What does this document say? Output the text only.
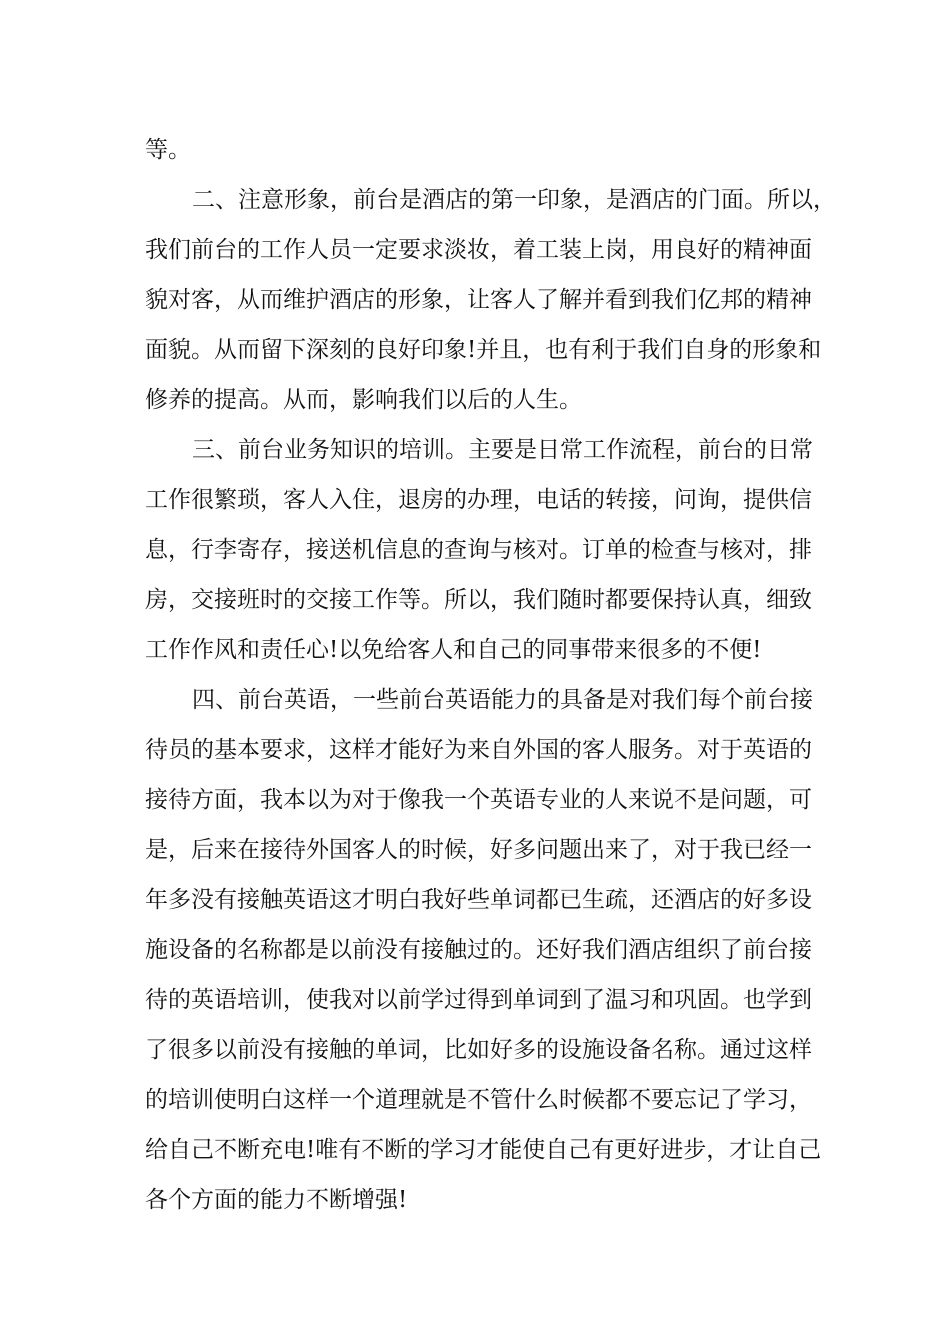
等。
二、注意形象，前台是酒店的第一印象，是酒店的门面。所以，
我们前台的工作人员一定要求淡妆，着工装上岗，用良好的精神面
貌对客，从而维护酒店的形象，让客人了解并看到我们亿邦的精神
面貌。从而留下深刻的良好印象!并且，也有利于我们自身的形象和
修养的提高。从而，影响我们以后的人生。
三、前台业务知识的培训。主要是日常工作流程，前台的日常
工作很繁琐，客人入住，退房的办理，电话的转接，问询，提供信
息，行李寄存，接送机信息的查询与核对。订单的检查与核对，排
房，交接班时的交接工作等。所以，我们随时都要保持认真，细致
工作作风和责任心!以免给客人和自己的同事带来很多的不便!
四、前台英语，一些前台英语能力的具备是对我们每个前台接
待员的基本要求，这样才能好为来自外国的客人服务。对于英语的
接待方面，我本以为对于像我一个英语专业的人来说不是问题，可
是，后来在接待外国客人的时候，好多问题出来了，对于我已经一
年多没有接触英语这才明白我好些单词都已生疏，还酒店的好多设
施设备的名称都是以前没有接触过的。还好我们酒店组织了前台接
待的英语培训，使我对以前学过得到单词到了温习和巩固。也学到
了很多以前没有接触的单词，比如好多的设施设备名称。通过这样
的培训使明白这样一个道理就是不管什么时候都不要忘记了学习，
给自己不断充电!唯有不断的学习才能使自己有更好进步，才让自己
各个方面的能力不断增强!
